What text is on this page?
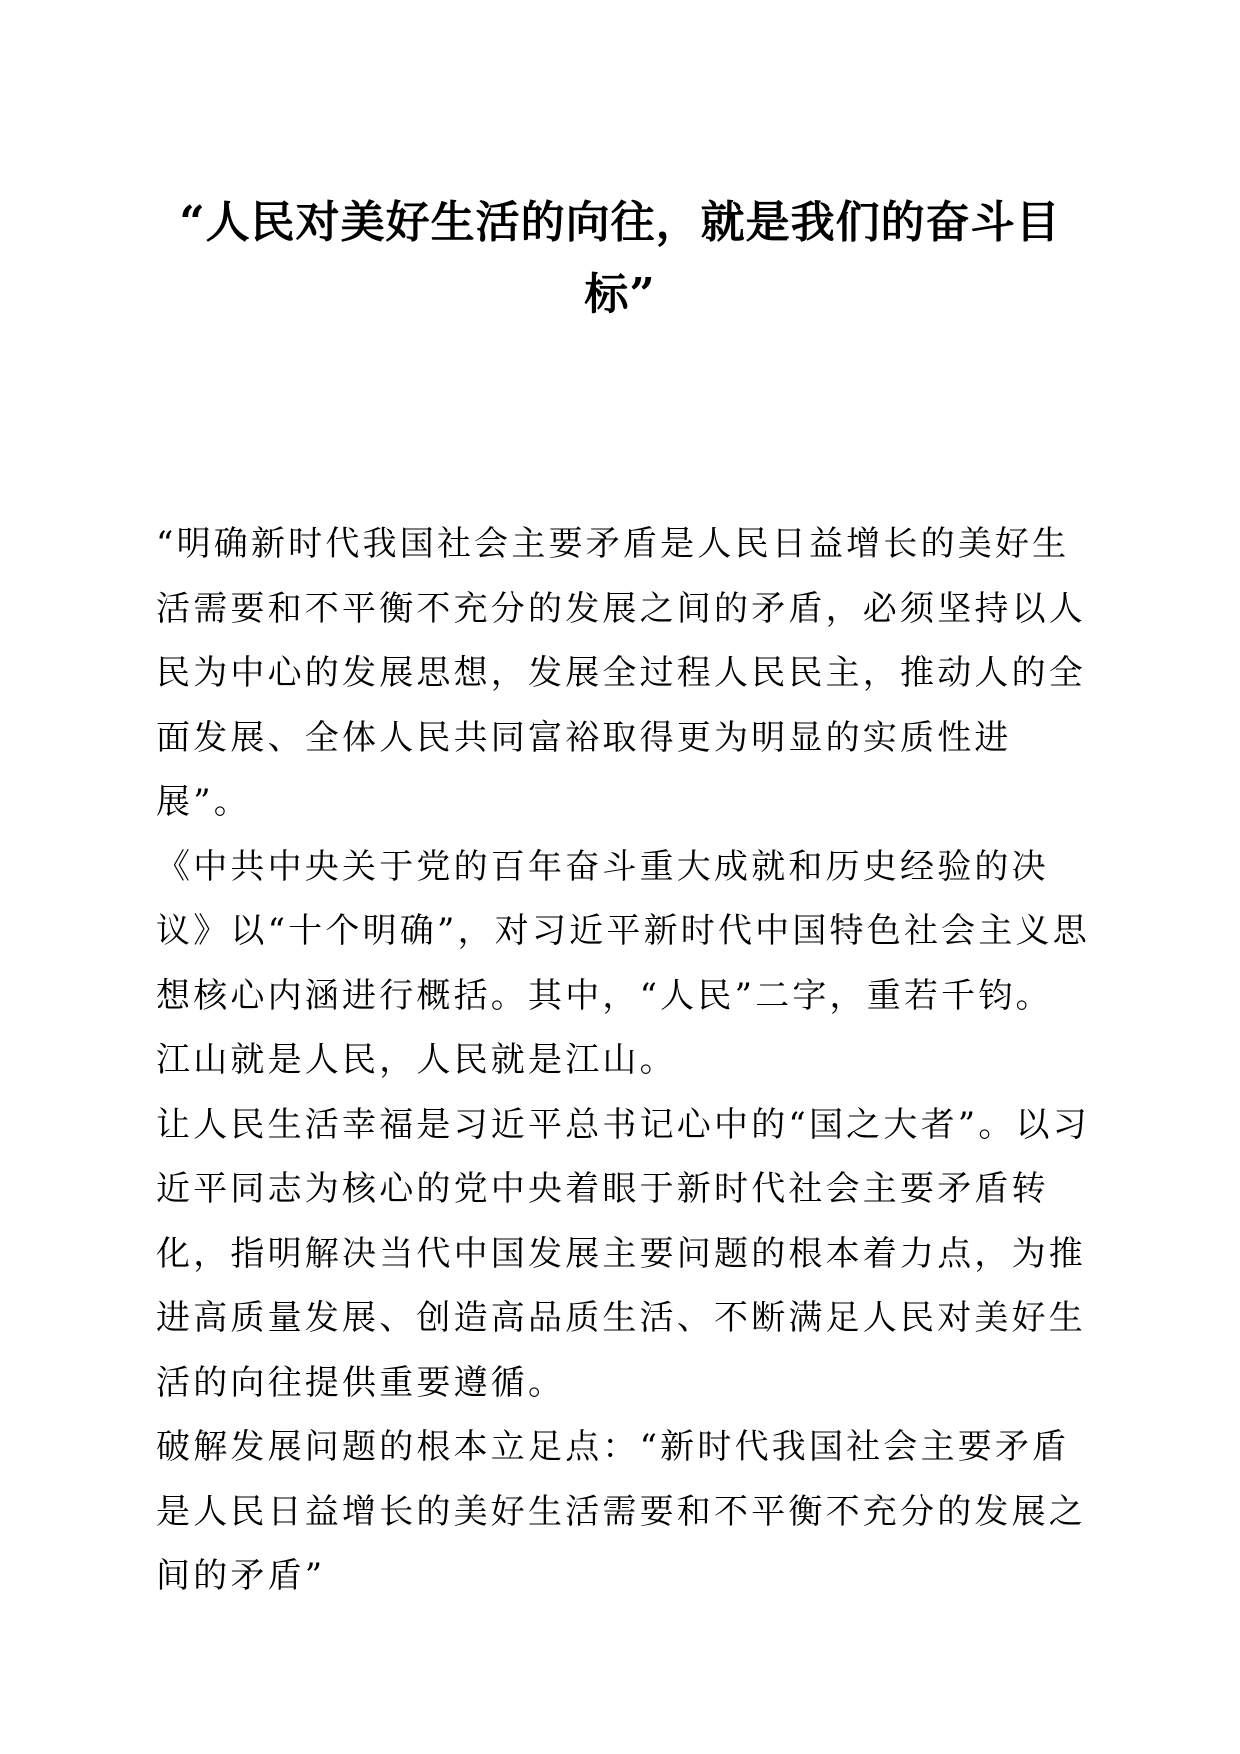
“人民对美好生活的向往，就是我们的奋斗目标”

“明确新时代我国社会主要矛盾是人民日益增长的美好生活需要和不平衡不充分的发展之间的矛盾，必须坚持以人民为中心的发展思想，发展全过程人民民主，推动人的全面发展、全体人民共同富裕取得更为明显的实质性进展”。

《中共中央关于党的百年奋斗重大成就和历史经验的决议》以“十个明确”，对习近平新时代中国特色社会主义思想核心内涵进行概括。其中，“人民”二字，重若千钧。

江山就是人民，人民就是江山。

让人民生活幸福是习近平总书记心中的“国之大者”。以习近平同志为核心的党中央着眼于新时代社会主要矛盾转化，指明解决当代中国发展主要问题的根本着力点，为推进高质量发展、创造高品质生活、不断满足人民对美好生活的向往提供重要遵循。

破解发展问题的根本立足点：“新时代我国社会主要矛盾是人民日益增长的美好生活需要和不平衡不充分的发展之间的矛盾”
